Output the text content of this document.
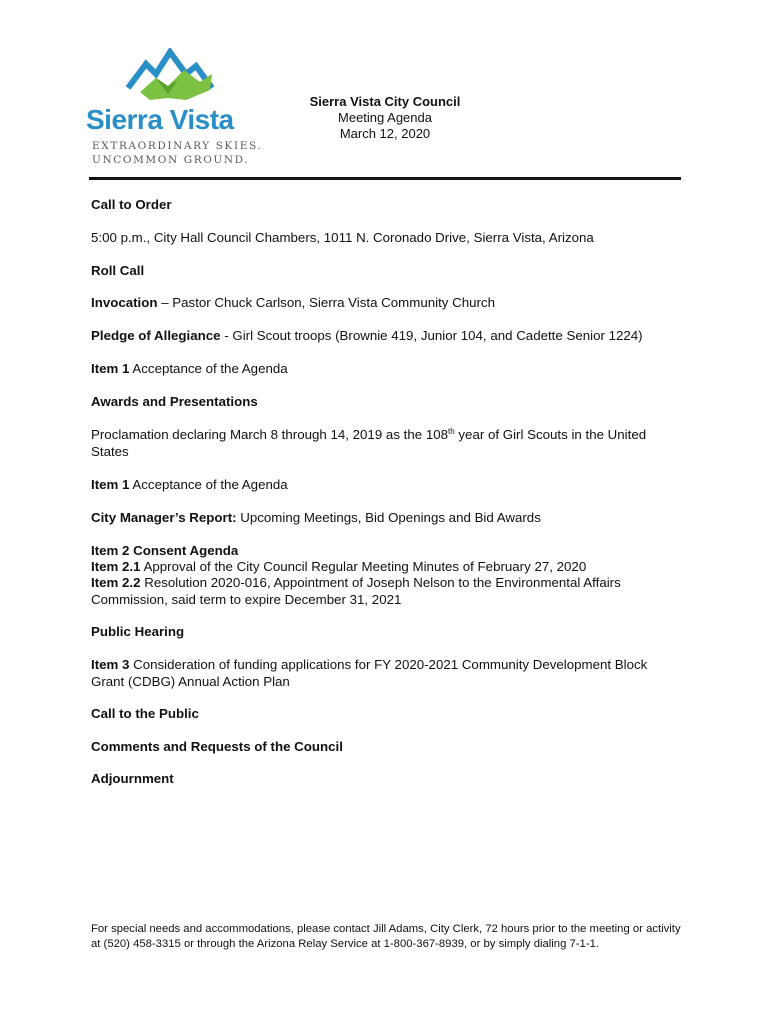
Sierra Vista
EXTRAORDINARY SKIES.
UNCOMMON GROUND.
Sierra Vista City Council
Meeting Agenda
March 12, 2020
Call to Order
5:00 p.m., City Hall Council Chambers, 1011 N. Coronado Drive, Sierra Vista, Arizona
Roll Call
Invocation – Pastor Chuck Carlson, Sierra Vista Community Church
Pledge of Allegiance - Girl Scout troops (Brownie 419, Junior 104, and Cadette Senior 1224)
Item 1 Acceptance of the Agenda
Awards and Presentations
Proclamation declaring March 8 through 14, 2019 as the 108th year of Girl Scouts in the United States
Item 1 Acceptance of the Agenda
City Manager’s Report: Upcoming Meetings, Bid Openings and Bid Awards
Item 2 Consent Agenda
Item 2.1 Approval of the City Council Regular Meeting Minutes of February 27, 2020
Item 2.2 Resolution 2020-016, Appointment of Joseph Nelson to the Environmental Affairs Commission, said term to expire December 31, 2021
Public Hearing
Item 3 Consideration of funding applications for FY 2020-2021 Community Development Block Grant (CDBG) Annual Action Plan
Call to the Public
Comments and Requests of the Council
Adjournment
For special needs and accommodations, please contact Jill Adams, City Clerk, 72 hours prior to the meeting or activity at (520) 458-3315 or through the Arizona Relay Service at 1-800-367-8939, or by simply dialing 7-1-1.
